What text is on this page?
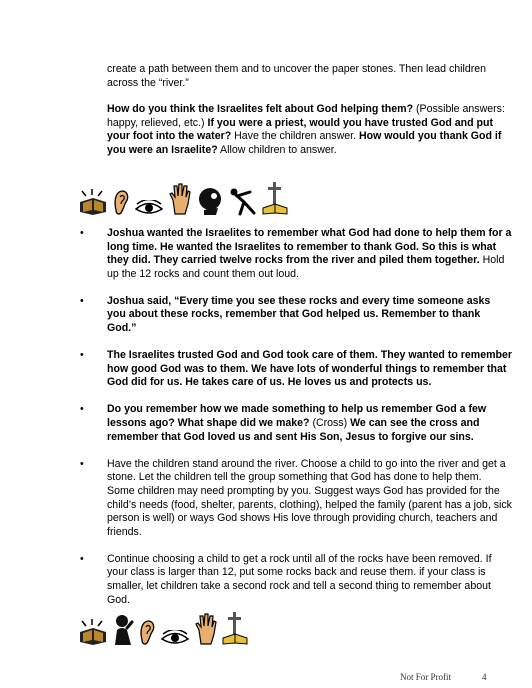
create a path between them and to uncover the paper stones. Then lead children across the “river.”
How do you think the Israelites felt about God helping them? (Possible answers: happy, relieved, etc.) If you were a priest, would you have trusted God and put your foot into the water? Have the children answer. How would you thank God if you were an Israelite? Allow children to answer.
• Joshua wanted the Israelites to remember what God had done to help them for a long time. He wanted the Israelites to remember to thank God. So this is what they did. They carried twelve rocks from the river and piled them together. Hold up the 12 rocks and count them out loud.
• Joshua said, “Every time you see these rocks and every time someone asks you about these rocks, remember that God helped us. Remember to thank God.”
• The Israelites trusted God and God took care of them. They wanted to remember how good God was to them. We have lots of wonderful things to remember that God did for us. He takes care of us. He loves us and protects us.
• Do you remember how we made something to help us remember God a few lessons ago? What shape did we make? (Cross) We can see the cross and remember that God loved us and sent His Son, Jesus to forgive our sins.
• Have the children stand around the river. Choose a child to go into the river and get a stone. Let the children tell the group something that God has done to help them. Some children may need prompting by you. Suggest ways God has provided for the child’s needs (food, shelter, parents, clothing), helped the family (parent has a job, sick person is well) or ways God shows His love through providing church, teachers and friends.
• Continue choosing a child to get a rock until all of the rocks have been removed. If your class is larger than 12, put some rocks back and reuse them. if your class is smaller, let children take a second rock and tell a second thing to remember about God.
Not For Profit	4
